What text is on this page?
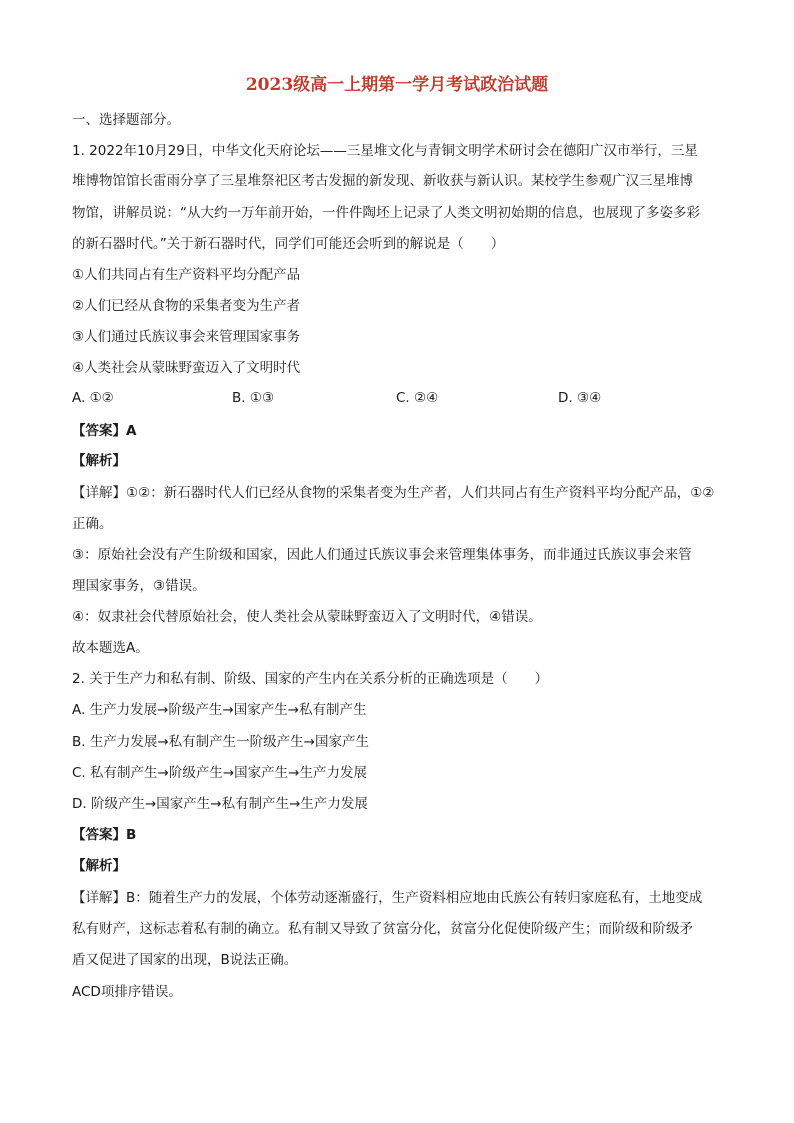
2023级高一上期第一学月考试政治试题
一、选择题部分。
1. 2022年10月29日，中华文化天府论坛——三星堆文化与青铜文明学术研讨会在德阳广汉市举行，三星
堆博物馆馆长雷雨分享了三星堆祭祀区考古发掘的新发现、新收获与新认识。某校学生参观广汉三星堆博
物馆，讲解员说：“从大约一万年前开始，一件件陶坯上记录了人类文明初始期的信息，也展现了多姿多彩
的新石器时代。”关于新石器时代，同学们可能还会听到的解说是（　　）
①人们共同占有生产资料平均分配产品
②人们已经从食物的采集者变为生产者
③人们通过氏族议事会来管理国家事务
④人类社会从蒙昧野蛮迈入了文明时代
A. ①②	B. ①③	C. ②④	D. ③④
【答案】A
【解析】
【详解】①②：新石器时代人们已经从食物的采集者变为生产者，人们共同占有生产资料平均分配产品，①②
正确。
③：原始社会没有产生阶级和国家，因此人们通过氏族议事会来管理集体事务，而非通过氏族议事会来管
理国家事务，③错误。
④：奴隶社会代替原始社会，使人类社会从蒙昧野蛮迈入了文明时代，④错误。
故本题选A。
2. 关于生产力和私有制、阶级、国家的产生内在关系分析的正确选项是（　　）
A. 生产力发展→阶级产生→国家产生→私有制产生
B. 生产力发展→私有制产生一阶级产生→国家产生
C. 私有制产生→阶级产生→国家产生→生产力发展
D. 阶级产生→国家产生→私有制产生→生产力发展
【答案】B
【解析】
【详解】B：随着生产力的发展，个体劳动逐渐盛行，生产资料相应地由氏族公有转归家庭私有，土地变成
私有财产，这标志着私有制的确立。私有制又导致了贫富分化，贫富分化促使阶级产生；而阶级和阶级矛
盾又促进了国家的出现，B说法正确。
ACD项排序错误。
